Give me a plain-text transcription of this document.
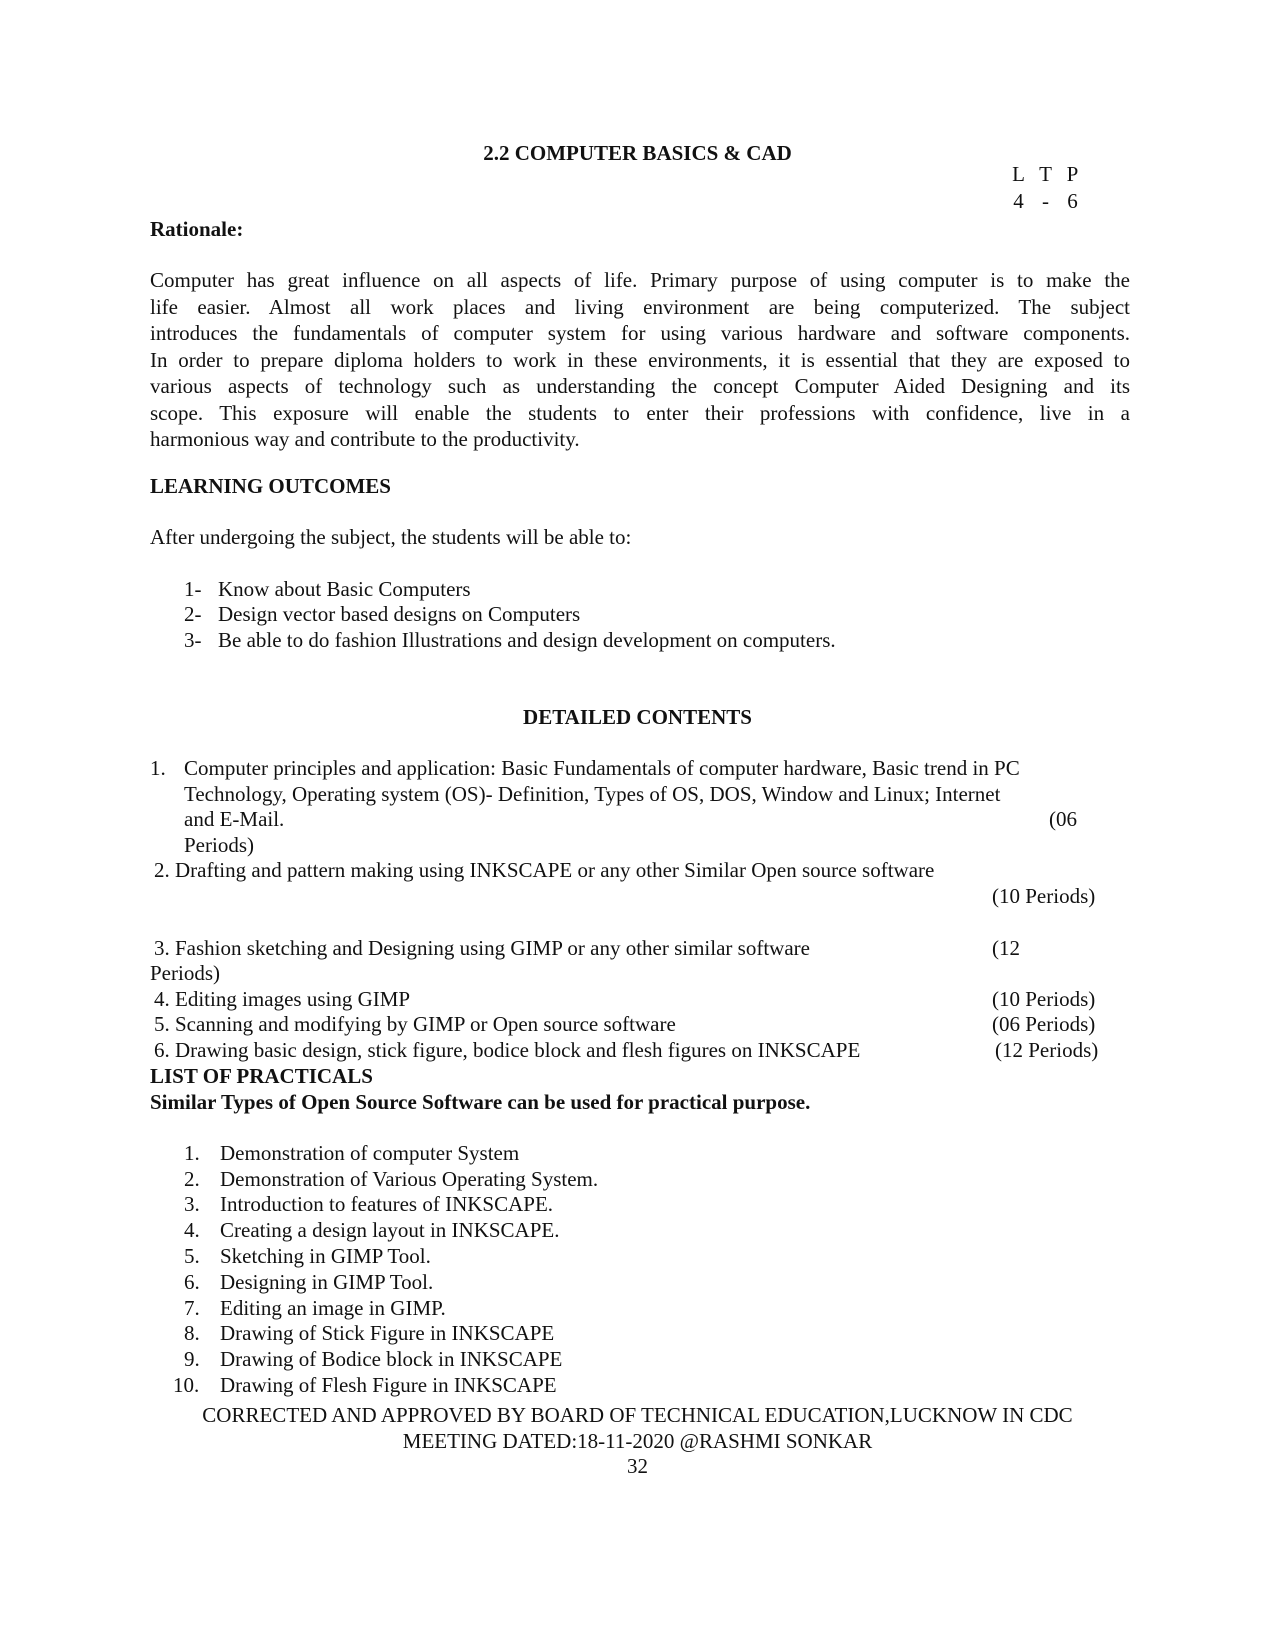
2.2 COMPUTER BASICS & CAD
L T P
4 - 6
Rationale:
Computer has great influence on all aspects of life. Primary purpose of using computer is to make the
life easier. Almost all work places and living environment are being computerized. The subject
introduces the fundamentals of computer system for using various hardware and software components.
In order to prepare diploma holders to work in these environments, it is essential that they are exposed to
various aspects of technology such as understanding the concept Computer Aided Designing and its
scope. This exposure will enable the students to enter their professions with confidence, live in a
harmonious way and contribute to the productivity.
LEARNING OUTCOMES
After undergoing the subject, the students will be able to:
1- Know about Basic Computers
2- Design vector based designs on Computers
3- Be able to do fashion Illustrations and design development on computers.
DETAILED CONTENTS
1. Computer principles and application: Basic Fundamentals of computer hardware, Basic trend in PC
Technology, Operating system (OS)- Definition, Types of OS, DOS, Window and Linux; Internet
and E-Mail.	(06
Periods)
2. Drafting and pattern making using INKSCAPE or any other Similar Open source software
(10 Periods)
3. Fashion sketching and Designing using GIMP or any other similar software	(12
Periods)
4. Editing images using GIMP	(10 Periods)
5. Scanning and modifying by GIMP or Open source software	(06 Periods)
6. Drawing basic design, stick figure, bodice block and flesh figures on INKSCAPE	(12 Periods)
LIST OF PRACTICALS
Similar Types of Open Source Software can be used for practical purpose.
1. Demonstration of computer System
2. Demonstration of Various Operating System.
3. Introduction to features of INKSCAPE.
4. Creating a design layout in INKSCAPE.
5. Sketching in GIMP Tool.
6. Designing in GIMP Tool.
7. Editing an image in GIMP.
8. Drawing of Stick Figure in INKSCAPE
9. Drawing of Bodice block in INKSCAPE
10. Drawing of Flesh Figure in INKSCAPE
CORRECTED AND APPROVED BY BOARD OF TECHNICAL EDUCATION,LUCKNOW IN CDC
MEETING DATED:18-11-2020 @RASHMI SONKAR
32
